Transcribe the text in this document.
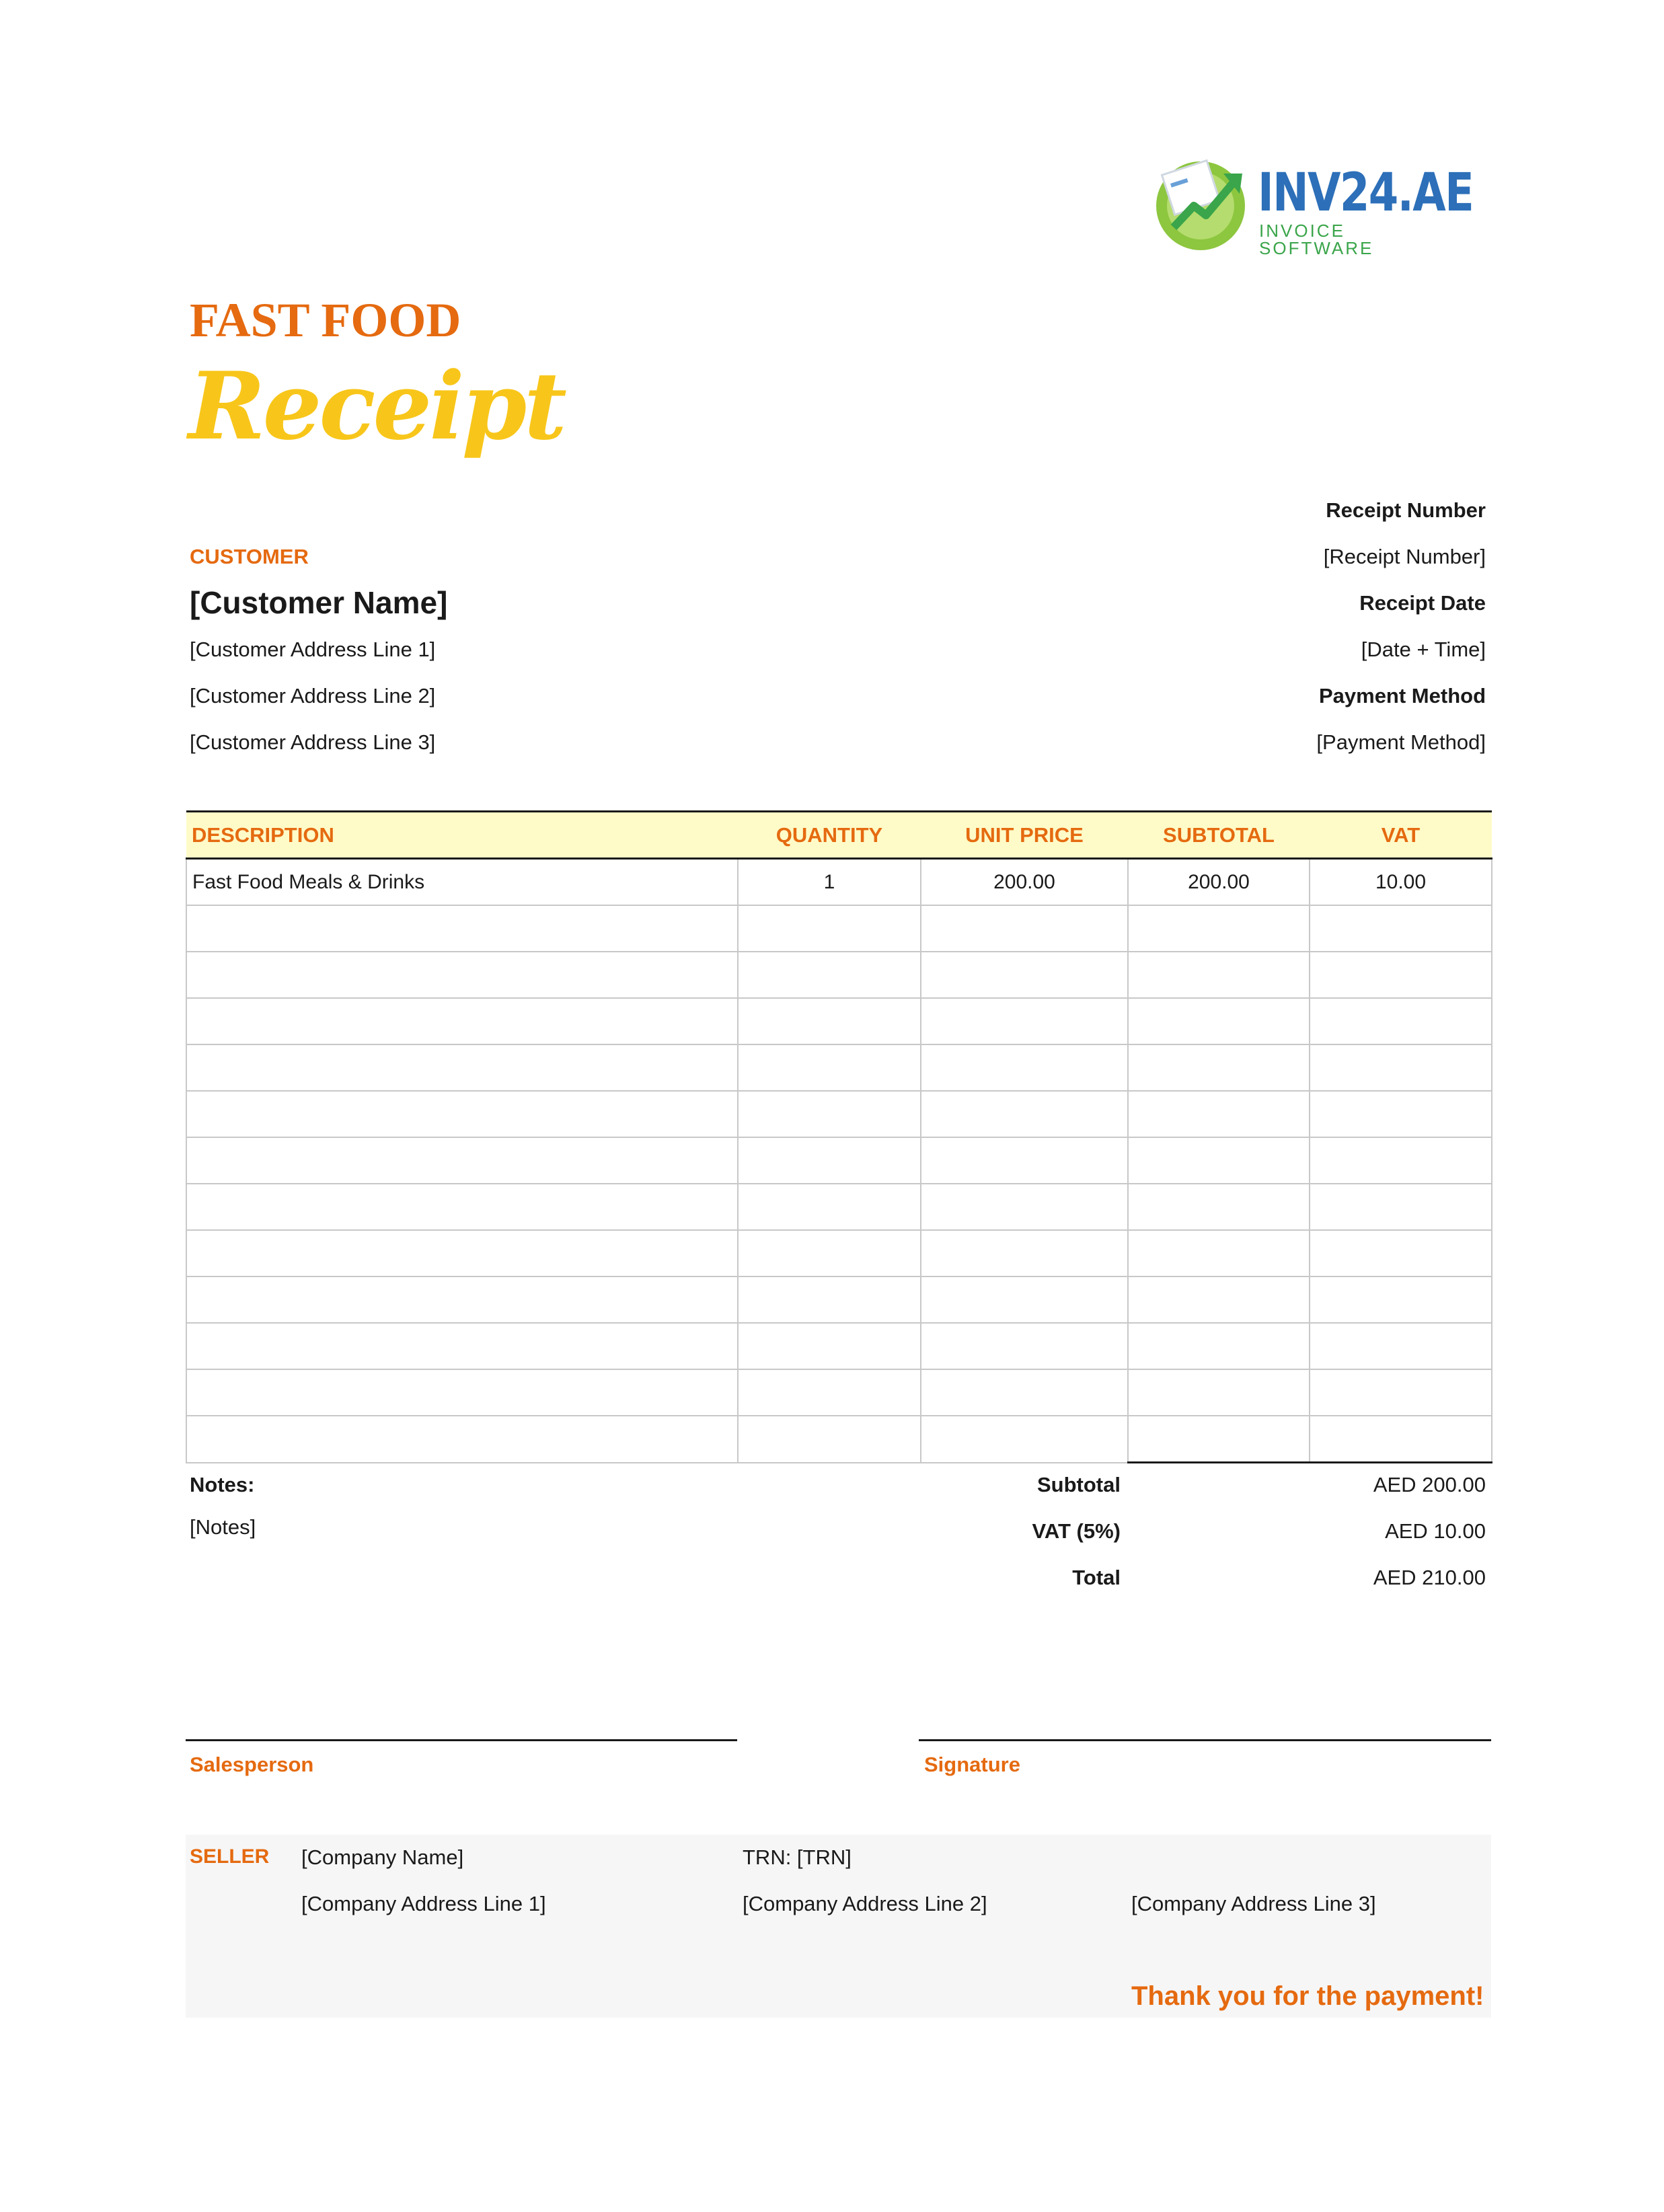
INV24.AE
INVOICE SOFTWARE
FAST FOOD
Receipt
CUSTOMER
[Customer Name]
[Customer Address Line 1]
[Customer Address Line 2]
[Customer Address Line 3]
Receipt Number
[Receipt Number]
Receipt Date
[Date + Time]
Payment Method
[Payment Method]
DESCRIPTION	QUANTITY	UNIT PRICE	SUBTOTAL	VAT
Fast Food Meals & Drinks	1	200.00	200.00	10.00

Notes:
[Notes]
Subtotal	AED 200.00
VAT (5%)	AED 10.00
Total	AED 210.00
Salesperson	Signature
SELLER [Company Name]	TRN: [TRN]
[Company Address Line 1]	[Company Address Line 2]	[Company Address Line 3]
Thank you for the payment!
